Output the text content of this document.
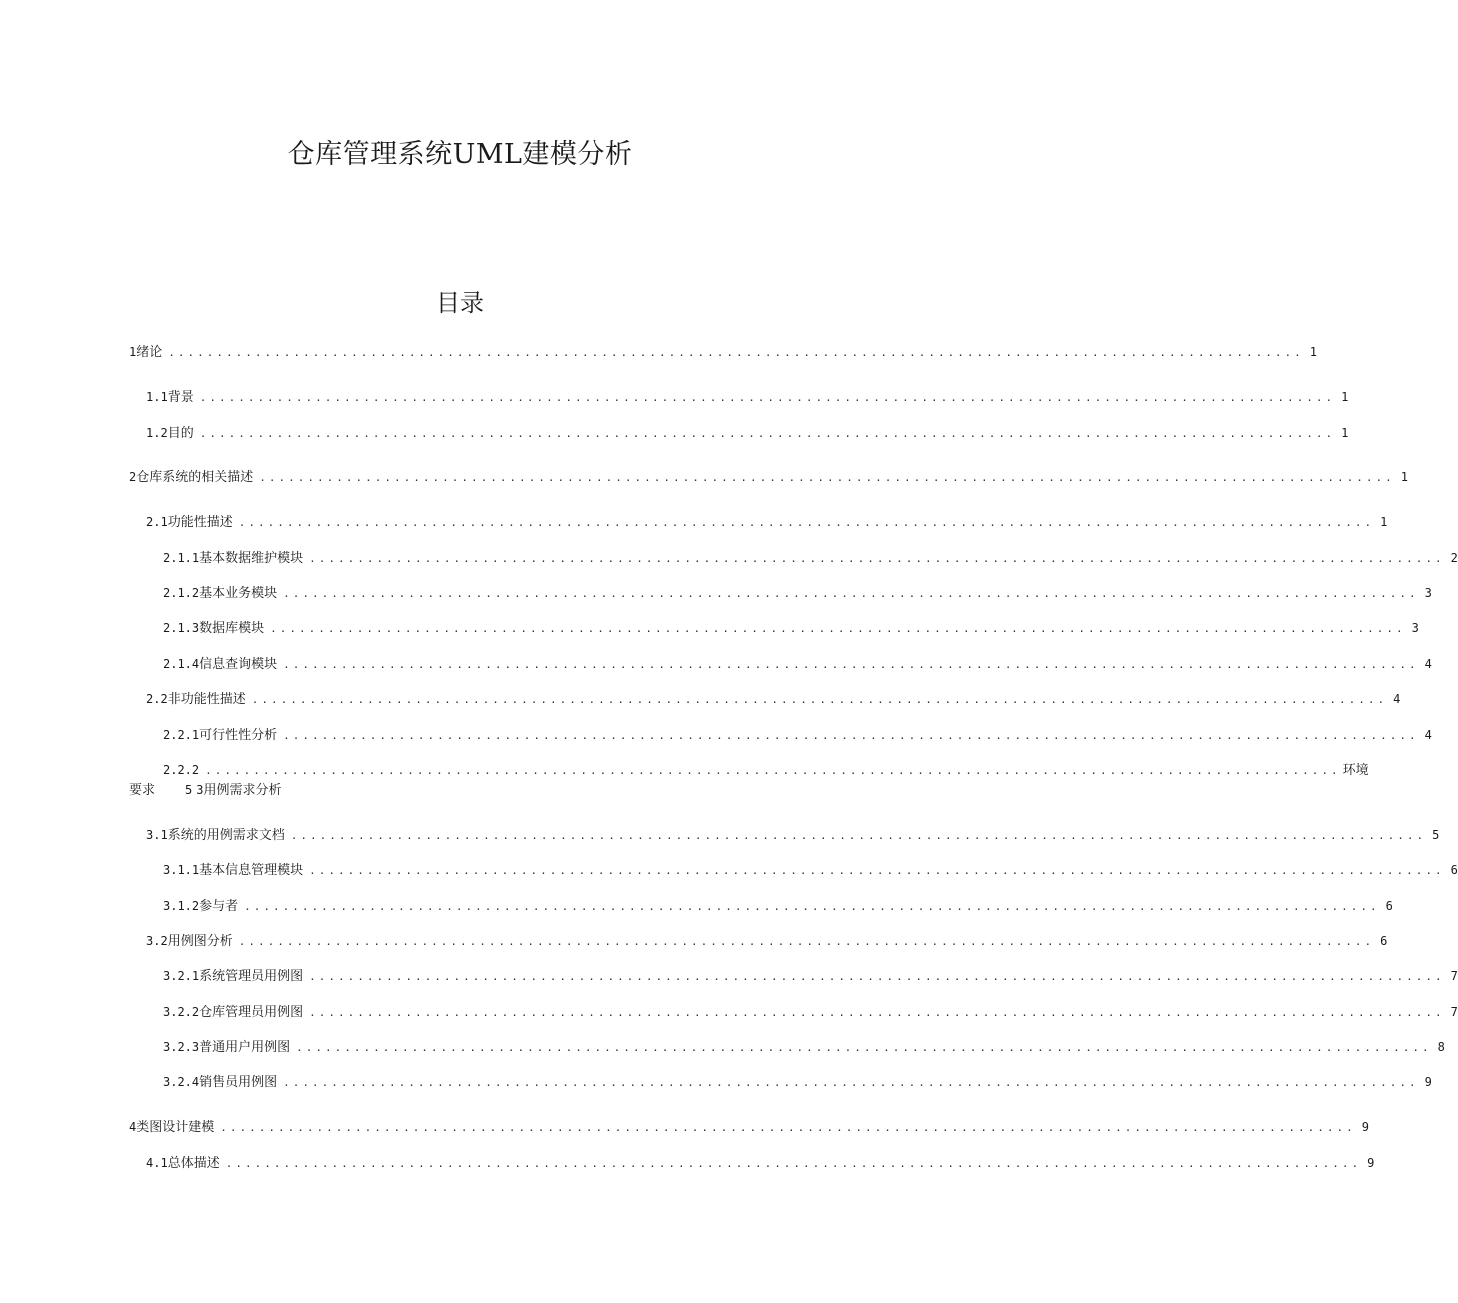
仓库管理系统UML建模分析
目录
1 绪论 ...................................................................................................................... 1
1.1 背景 ...................................................................................................................... 1
1.2 目的 ...................................................................................................................... 1
2 仓库系统的相关描述 ...................................................................................................................... 1
2.1 功能性描述 ...................................................................................................................... 1
2.1.1 基本数据维护模块 ...................................................................................................................... 2
2.1.2 基本业务模块 ...................................................................................................................... 3
2.1.3 数据库模块 ...................................................................................................................... 3
2.1.4 信息查询模块 ...................................................................................................................... 4
2.2 非功能性描述 ...................................................................................................................... 4
2.2.1 可行性性分析 ...................................................................................................................... 4
2.2.2 ...................................................................................................................... 环境
要求	5 3用例需求分析
3.1 系统的用例需求文档 ...................................................................................................................... 5
3.1.1 基本信息管理模块 ...................................................................................................................... 6
3.1.2 参与者 ...................................................................................................................... 6
3.2 用例图分析 ...................................................................................................................... 6
3.2.1 系统管理员用例图 ...................................................................................................................... 7
3.2.2 仓库管理员用例图 ...................................................................................................................... 7
3.2.3 普通用户用例图 ...................................................................................................................... 8
3.2.4 销售员用例图 ...................................................................................................................... 9
4 类图设计建模 ...................................................................................................................... 9
4.1 总体描述 ...................................................................................................................... 9
